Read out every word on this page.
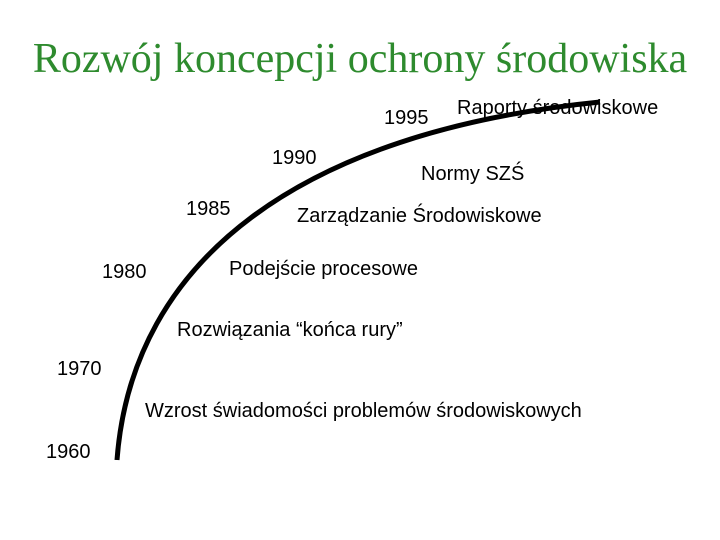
Rozwój koncepcji ochrony środowiska
1960
1970
1980
1985
1990
1995
Wzrost świadomości problemów środowiskowych
Rozwiązania “końca rury”
Podejście procesowe
Zarządzanie Środowiskowe
Normy SZŚ
Raporty środowiskowe
